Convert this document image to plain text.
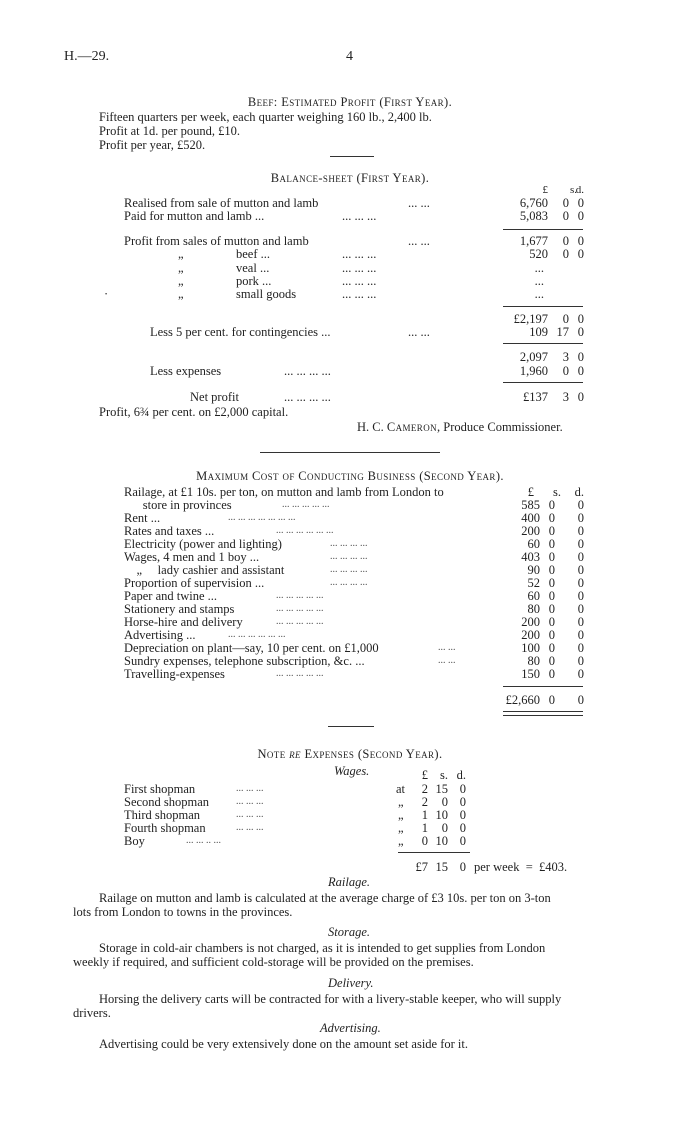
H.—29.	4
Beef: Estimated Profit (First Year).
Fifteen quarters per week, each quarter weighing 160 lb., 2,400 lb.
Profit at 1d. per pound, £10.
Profit per year, £520.
Balance-sheet (First Year).
£	s.
d.
Realised from sale of mutton and lamb	... ...	6,760	0 0
Paid for mutton and lamb ...	... ... ...	5,083	0 0
Profit from sales of mutton and lamb	... ...	1,677	0 0
„	beef ...	... ... ...	520	0 0
„	veal ...	... ... ...	...
„	pork ...	... ... ...	...
·	„	small goods	... ... ...	...
£2,197	0 0
Less 5 per cent. for contingencies ...	... ...	109 17 0
2,097	3 0
Less expenses	... ... ... ...	1,960	0 0
Net profit	... ... ... ...	£137	3 0
Profit, 6¾ per cent. on £2,000 capital.
H. C. Cameron, Produce Commissioner.
Maximum Cost of Conducting Business (Second Year).
£	s.	d.
Railage, at £1 10s. per ton, on mutton and lamb from London to
store in provinces	... ... ... ... ...	585 0	0
Rent ...	... ... ... ... ... ... ...	400 0	0
Rates and taxes ...	... ... ... ... ... ...	200 0	0
Electricity (power and lighting)	... ... ... ...	60 0	0
Wages, 4 men and 1 boy ...	... ... ... ...	403 0	0
„     lady cashier and assistant	... ... ... ...	90 0	0
Proportion of supervision ...	... ... ... ...	52 0	0
Paper and twine ...	... ... ... ... ...	60 0	0
Stationery and stamps	... ... ... ... ...	80 0	0
Horse-hire and delivery	... ... ... ... ...	200 0	0
Advertising ...	... ... ... ... ... ...	200 0	0
Depreciation on plant—say, 10 per cent. on £1,000	... ...	100 0	0
Sundry expenses, telephone subscription, &c. ...	... ...	80 0	0
Travelling-expenses	... ... ... ... ...	150 0	0
£2,660 0	0
Note re Expenses (Second Year).
Wages.	£ s. d.
First shopman	... ... ...	at	2 15 0
Second shopman	... ... ...	„	2	0 0
Third shopman	... ... ...	„	1 10 0
Fourth shopman	... ... ...	„	1	0 0
Boy	... ... .. ...	„	0 10 0
£7 15 0 per week  =  £403.
Railage.
Railage on mutton and lamb is calculated at the average charge of £3 10s. per ton on 3-ton
lots from London to towns in the provinces.
Storage.
Storage in cold-air chambers is not charged, as it is intended to get supplies from London
weekly if required, and sufficient cold-storage will be provided on the premises.
Delivery.
Horsing the delivery carts will be contracted for with a livery-stable keeper, who will supply
drivers.
Advertising.
Advertising could be very extensively done on the amount set aside for it.
